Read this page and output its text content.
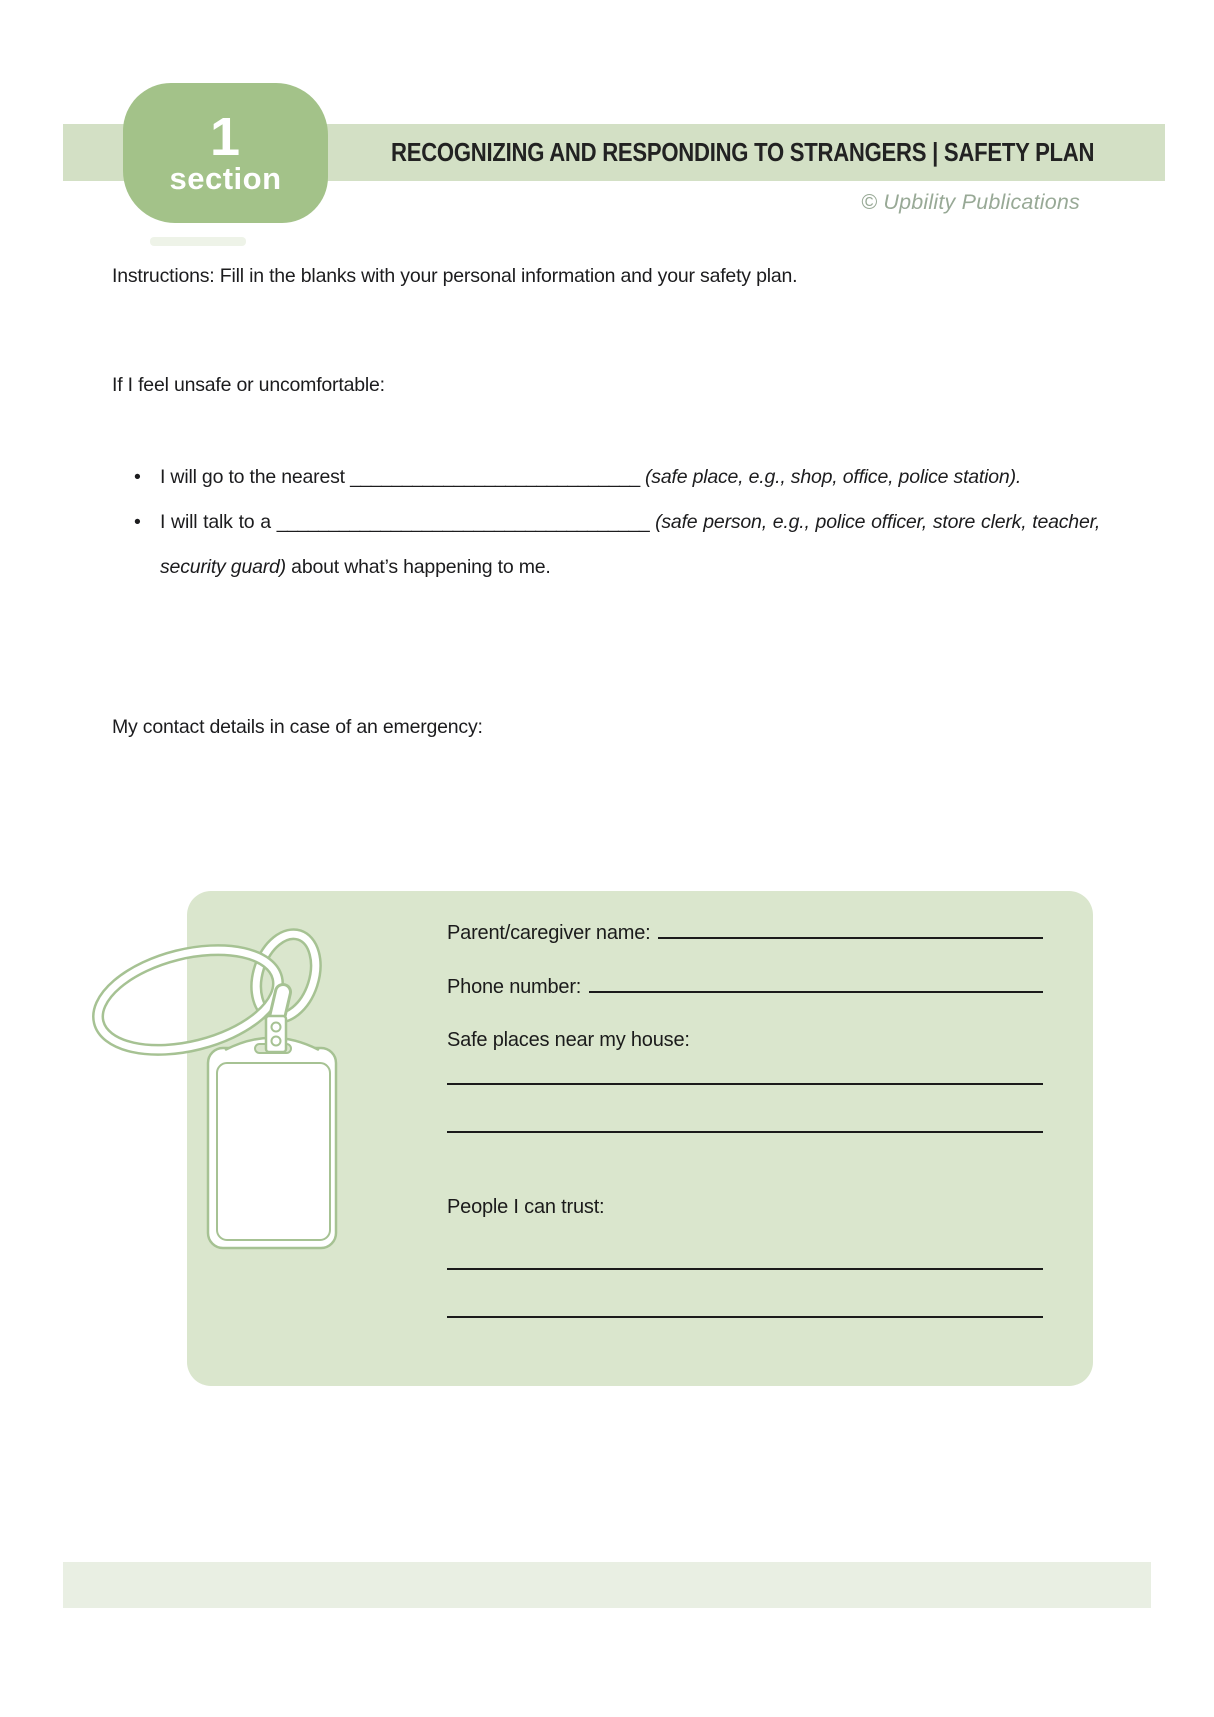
1
section
RECOGNIZING AND RESPONDING TO STRANGERS | SAFETY PLAN
© Upbility Publications
Instructions: Fill in the blanks with your personal information and your safety plan.
If I feel unsafe or uncomfortable:
• I will go to the nearest ____________________________ (safe place, e.g., shop, office, police station).
• I will talk to a ____________________________________ (safe person, e.g., police officer, store clerk, teacher, security guard) about what’s happening to me.
My contact details in case of an emergency:
Parent/caregiver name:
Phone number:
Safe places near my house:
People I can trust:
